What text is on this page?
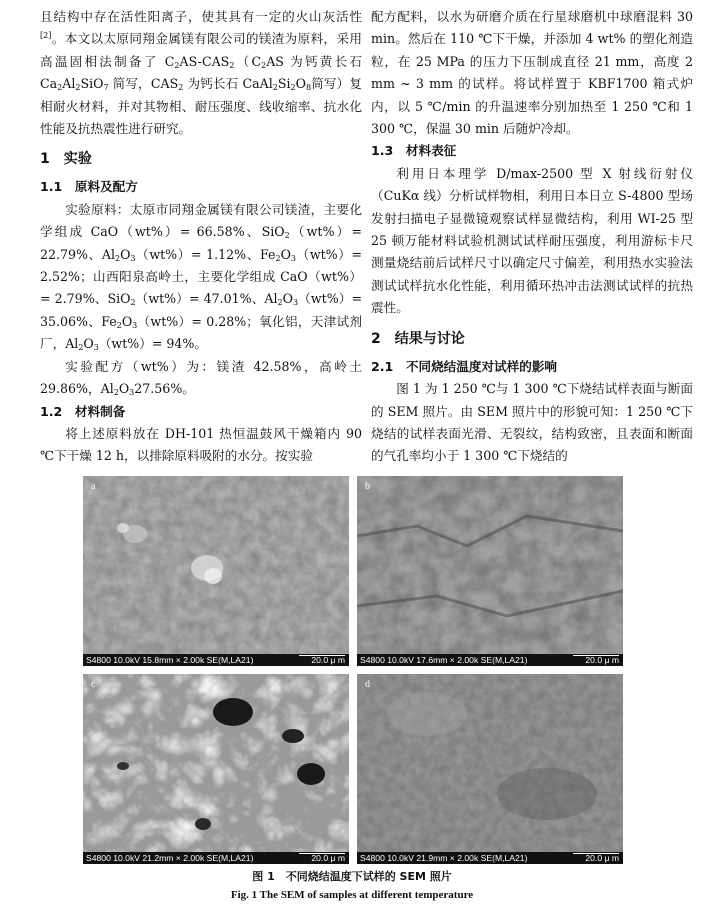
且结构中存在活性阳离子，使其具有一定的火山灰活性[2]。本文以太原同翔金属镁有限公司的镁渣为原料，采用高温固相法制备了 $C_2AS-CAS_2(C_2AS$ 为钙黄长石 $Ca_2Al_2SiO_7$ 简写，$CAS_2$ 为钙长石 $CaAl_2Si_2O_8$简写）复相耐火材料，并对其物相、耐压强度、线收缩率、抗水化性能及抗热震性进行研究。

1　实验
1.1　原料及配方

实验原料：太原市同翔金属镁有限公司镁渣，主要化学组成 CaO（wt%）= 66.58%、SiO$_2$（wt%）= 22.79%、$Al_2O_3(wt\%)= 1.12\%$、$Fe_2O_3(wt\%)= 2.52\%$；山西阳泉高岭土，主要化学组成 CaO（wt%）= 2.79%、SiO$_2$（wt%）= 47.01%、$Al_2O_3(wt\%)= 35.06\%$、$Fe_2O_3(wt\%)= 0.28\%$；氧化铝，天津试剂厂，$Al_2O_3(wt\%)= 94\%$。

实验配方（wt%）为：镁渣 42.58%，高岭土 29.86%，$Al_2O_327.56\%$。

1.2　材料制备

将上述原料放在 DH-101 热恒温鼓风干燥箱内 90 ℃下干燥 12 h，以排除原料吸附的水分。按实验

配方配料，以水为研磨介质在行星球磨机中球磨混料 30 min。然后在 110 ℃下干燥，并添加 4 wt% 的塑化剂造粒，在 25 MPa 的压力下压制成直径 21 mm，高度 2 mm ~ 3 mm 的试样。将试样置于 KBF1700 箱式炉内，以 5 ℃/min 的升温速率分别加热至 1 250 ℃和 1 300 ℃，保温 30 min 后随炉冷却。

1.3　材料表征

利用日本理学 D/max-2500 型 X 射线衍射仪（CuKα 线）分析试样物相，利用日本日立 S-4800 型场发射扫描电子显微镜观察试样显微结构，利用 WI-25 型 25 顿万能材料试验机测试试样耐压强度，利用游标卡尺测量烧结前后试样尺寸以确定尺寸偏差，利用热水实验法测试试样抗水化性能，利用循环热冲击法测试试样的抗热震性。

2　结果与讨论
2.1　不同烧结温度对试样的影响

图 1 为 1 250 ℃与 1 300 ℃下烧结试样表面与断面的 SEM 照片。由 SEM 照片中的形貌可知：1 250 ℃下烧结的试样表面光滑、无裂纹，结构致密，且表面和断面的气孔率均小于 1 300 ℃下烧结的

a
S4800 10.0kV 15.8mm × 2.00k SE(M,LA21)	20.0 μ m
b
S4800 10.0kV 17.6mm × 2.00k SE(M,LA21)	20.0 μ m
c
S4800 10.0kV 21.2mm × 2.00k SE(M,LA21)	20.0 μ m
d
S4800 10.0kV 21.9mm × 2.00k SE(M,LA21)	20.0 μ m
图 1　不同烧结温度下试样的 SEM 照片
Fig. 1 The SEM of samples at different temperature
